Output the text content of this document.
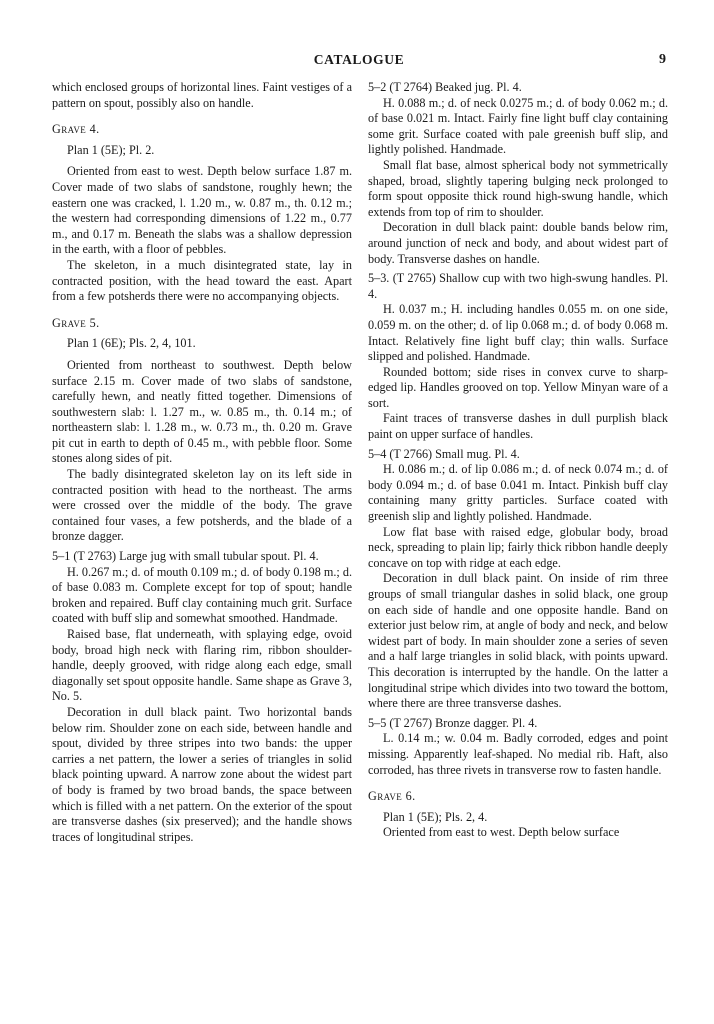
CATALOGUE	9

which enclosed groups of horizontal lines. Faint vestiges of a pattern on spout, possibly also on handle.

Grave 4.

Plan 1 (5E); Pl. 2.

Oriented from east to west. Depth below surface 1.87 m. Cover made of two slabs of sandstone, roughly hewn; the eastern one was cracked, l. 1.20 m., w. 0.87 m., th. 0.12 m.; the western had corresponding dimensions of 1.22 m., 0.77 m., and 0.17 m. Beneath the slabs was a shallow depression in the earth, with a floor of pebbles.

The skeleton, in a much disintegrated state, lay in contracted position, with the head toward the east. Apart from a few potsherds there were no accompanying objects.

Grave 5.

Plan 1 (6E); Pls. 2, 4, 101.

Oriented from northeast to southwest. Depth below surface 2.15 m. Cover made of two slabs of sandstone, carefully hewn, and neatly fitted together. Dimensions of southwestern slab: l. 1.27 m., w. 0.85 m., th. 0.14 m.; of northeastern slab: l. 1.28 m., w. 0.73 m., th. 0.20 m. Grave pit cut in earth to depth of 0.45 m., with pebble floor. Some stones along sides of pit.

The badly disintegrated skeleton lay on its left side in contracted position with head to the northeast. The arms were crossed over the middle of the body. The grave contained four vases, a few potsherds, and the blade of a bronze dagger.

5–1 (T 2763) Large jug with small tubular spout. Pl. 4.

H. 0.267 m.; d. of mouth 0.109 m.; d. of body 0.198 m.; d. of base 0.083 m. Complete except for top of spout; handle broken and repaired. Buff clay containing much grit. Surface coated with buff slip and somewhat smoothed. Handmade.

Raised base, flat underneath, with splaying edge, ovoid body, broad high neck with flaring rim, ribbon shoulder-handle, deeply grooved, with ridge along each edge, small diagonally set spout opposite handle. Same shape as Grave 3, No. 5.

Decoration in dull black paint. Two horizontal bands below rim. Shoulder zone on each side, between handle and spout, divided by three stripes into two bands: the upper carries a net pattern, the lower a series of triangles in solid black pointing upward. A narrow zone about the widest part of body is framed by two broad bands, the space between which is filled with a net pattern. On the exterior of the spout are transverse dashes (six preserved); and the handle shows traces of longitudinal stripes.

5–2 (T 2764) Beaked jug. Pl. 4.

H. 0.088 m.; d. of neck 0.0275 m.; d. of body 0.062 m.; d. of base 0.021 m. Intact. Fairly fine light buff clay containing some grit. Surface coated with pale greenish buff slip, and lightly polished. Handmade.

Small flat base, almost spherical body not symmetrically shaped, broad, slightly tapering bulging neck prolonged to form spout opposite thick round high-swung handle, which extends from top of rim to shoulder.

Decoration in dull black paint: double bands below rim, around junction of neck and body, and about widest part of body. Transverse dashes on handle.

5–3. (T 2765) Shallow cup with two high-swung handles. Pl. 4.

H. 0.037 m.; H. including handles 0.055 m. on one side, 0.059 m. on the other; d. of lip 0.068 m.; d. of body 0.068 m. Intact. Relatively fine light buff clay; thin walls. Surface slipped and polished. Handmade.

Rounded bottom; side rises in convex curve to sharp-edged lip. Handles grooved on top. Yellow Minyan ware of a sort.

Faint traces of transverse dashes in dull purplish black paint on upper surface of handles.

5–4 (T 2766) Small mug. Pl. 4.

H. 0.086 m.; d. of lip 0.086 m.; d. of neck 0.074 m.; d. of body 0.094 m.; d. of base 0.041 m. Intact. Pinkish buff clay containing many gritty particles. Surface coated with greenish slip and lightly polished. Handmade.

Low flat base with raised edge, globular body, broad neck, spreading to plain lip; fairly thick ribbon handle deeply concave on top with ridge at each edge.

Decoration in dull black paint. On inside of rim three groups of small triangular dashes in solid black, one group on each side of handle and one opposite handle. Band on exterior just below rim, at angle of body and neck, and below widest part of body. In main shoulder zone a series of seven and a half large triangles in solid black, with points upward. This decoration is interrupted by the handle. On the latter a longitudinal stripe which divides into two toward the bottom, where there are three transverse dashes.

5–5 (T 2767) Bronze dagger. Pl. 4.

L. 0.14 m.; w. 0.04 m. Badly corroded, edges and point missing. Apparently leaf-shaped. No medial rib. Haft, also corroded, has three rivets in transverse row to fasten handle.

Grave 6.

Plan 1 (5E); Pls. 2, 4.

Oriented from east to west. Depth below surface
